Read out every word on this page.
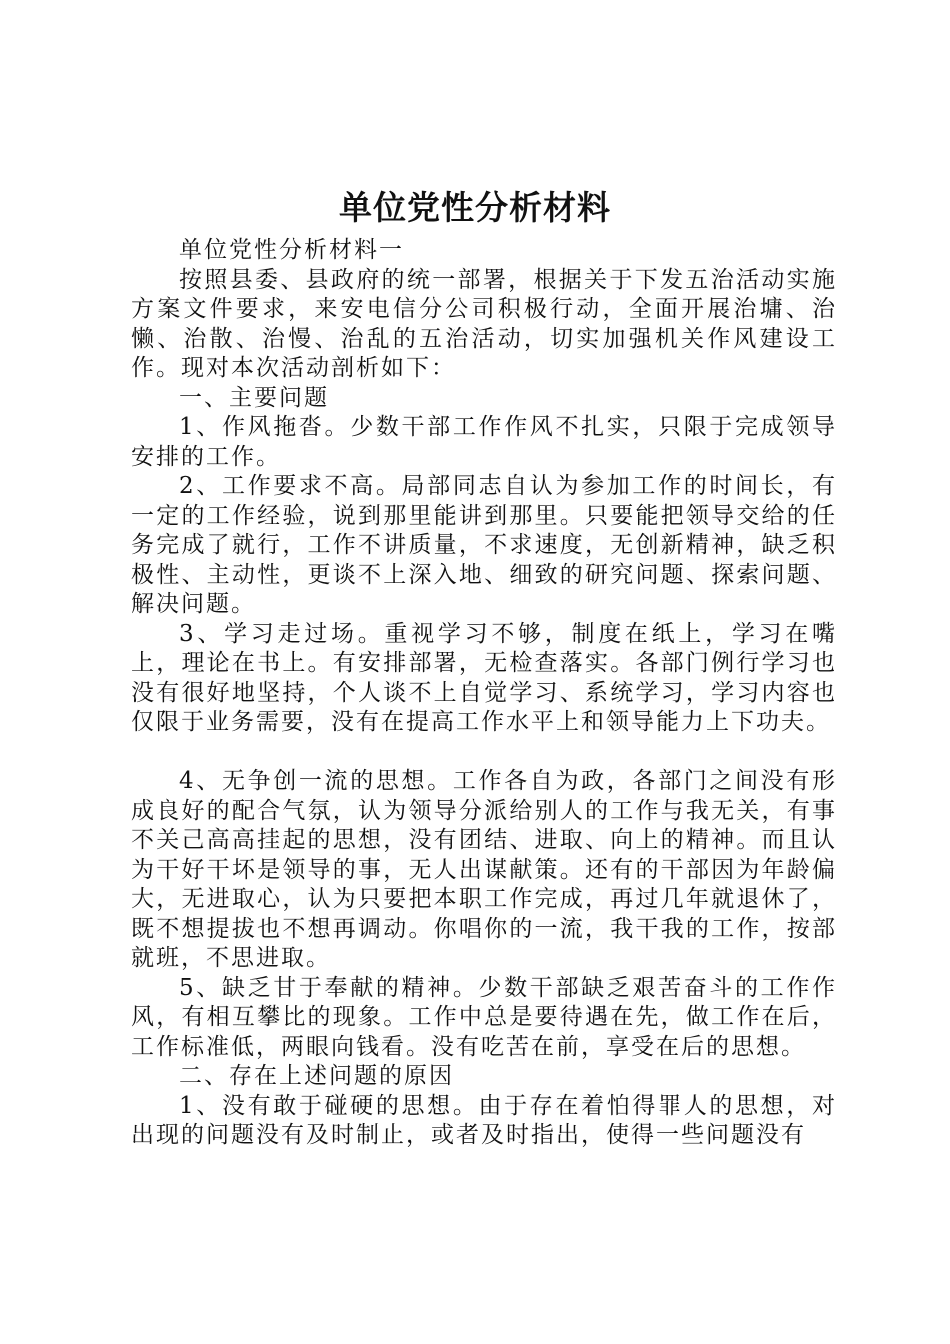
单位党性分析材料

单位党性分析材料一

按照县委、县政府的统一部署，根据关于下发五治活动实施方案文件要求，来安电信分公司积极行动，全面开展治墉、治懒、治散、治慢、治乱的五治活动，切实加强机关作风建设工作。现对本次活动剖析如下：

一、主要问题

1、作风拖沓。少数干部工作作风不扎实，只限于完成领导安排的工作。

2、工作要求不高。局部同志自认为参加工作的时间长，有一定的工作经验，说到那里能讲到那里。只要能把领导交给的任务完成了就行，工作不讲质量，不求速度，无创新精神，缺乏积极性、主动性，更谈不上深入地、细致的研究问题、探索问题、解决问题。

3、学习走过场。重视学习不够，制度在纸上，学习在嘴上，理论在书上。有安排部署，无检查落实。各部门例行学习也没有很好地坚持，个人谈不上自觉学习、系统学习，学习内容也仅限于业务需要，没有在提高工作水平上和领导能力上下功夫。

4、无争创一流的思想。工作各自为政，各部门之间没有形成良好的配合气氛，认为领导分派给别人的工作与我无关，有事不关己高高挂起的思想，没有团结、进取、向上的精神。而且认为干好干坏是领导的事，无人出谋献策。还有的干部因为年龄偏大，无进取心，认为只要把本职工作完成，再过几年就退休了，既不想提拔也不想再调动。你唱你的一流，我干我的工作，按部就班，不思进取。

5、缺乏甘于奉献的精神。少数干部缺乏艰苦奋斗的工作作风，有相互攀比的现象。工作中总是要待遇在先，做工作在后，工作标准低，两眼向钱看。没有吃苦在前，享受在后的思想。

二、存在上述问题的原因

1、没有敢于碰硬的思想。由于存在着怕得罪人的思想，对出现的问题没有及时制止，或者及时指出，使得一些问题没有
